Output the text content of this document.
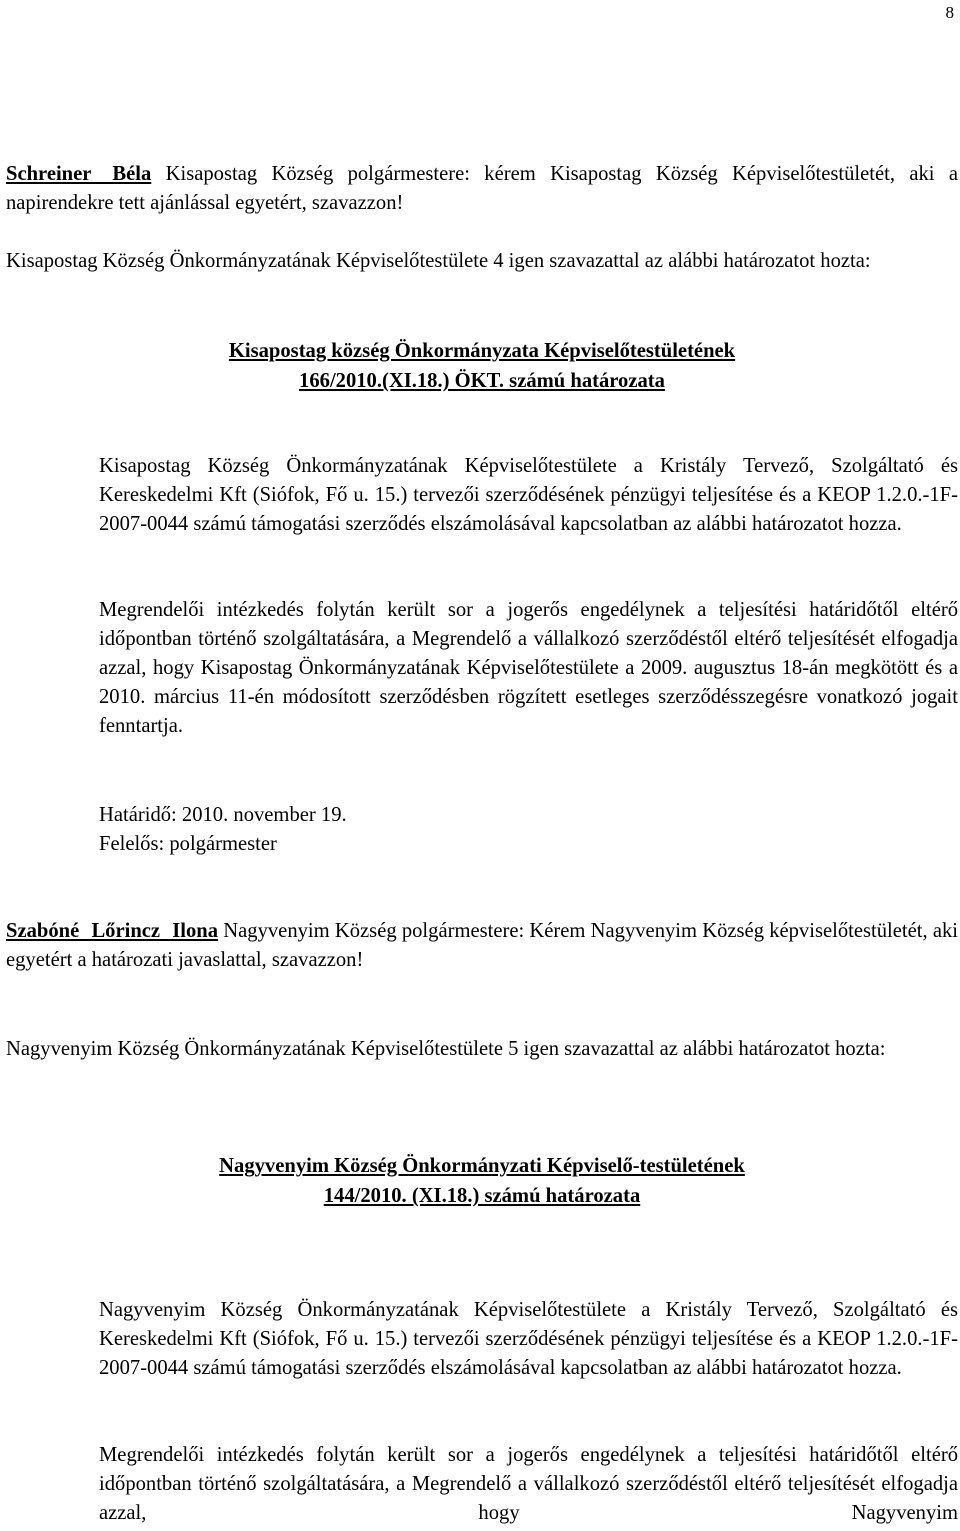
8

Schreiner Béla Kisapostag Község polgármestere: kérem Kisapostag Község Képviselőtestületét, aki a napirendekre tett ajánlással egyetért, szavazzon!

Kisapostag Község Önkormányzatának Képviselőtestülete 4 igen szavazattal az alábbi határozatot hozta:

Kisapostag község Önkormányzata Képviselőtestületének
166/2010.(XI.18.) ÖKT. számú határozata

Kisapostag Község Önkormányzatának Képviselőtestülete a Kristály Tervező, Szolgáltató és Kereskedelmi Kft (Siófok, Fő u. 15.) tervezői szerződésének pénzügyi teljesítése és a KEOP 1.2.0.-1F-2007-0044 számú támogatási szerződés elszámolásával kapcsolatban az alábbi határozatot hozza.

Megrendelői intézkedés folytán került sor a jogerős engedélynek a teljesítési határidőtől eltérő időpontban történő szolgáltatására, a Megrendelő a vállalkozó szerződéstől eltérő teljesítését elfogadja azzal, hogy Kisapostag Önkormányzatának Képviselőtestülete a 2009. augusztus 18-án megkötött és a 2010. március 11-én módosított szerződésben rögzített esetleges szerződésszegésre vonatkozó jogait fenntartja.

Határidő: 2010. november 19.

Felelős: polgármester

Szabóné Lőrincz Ilona Nagyvenyim Község polgármestere: Kérem Nagyvenyim Község képviselőtestületét, aki egyetért a határozati javaslattal, szavazzon!

Nagyvenyim Község Önkormányzatának Képviselőtestülete 5 igen szavazattal az alábbi határozatot hozta:

Nagyvenyim Község Önkormányzati Képviselő-testületének
144/2010. (XI.18.) számú határozata

Nagyvenyim Község Önkormányzatának Képviselőtestülete a Kristály Tervező, Szolgáltató és Kereskedelmi Kft (Siófok, Fő u. 15.) tervezői szerződésének pénzügyi teljesítése és a KEOP 1.2.0.-1F-2007-0044 számú támogatási szerződés elszámolásával kapcsolatban az alábbi határozatot hozza.

Megrendelői intézkedés folytán került sor a jogerős engedélynek a teljesítési határidőtől eltérő időpontban történő szolgáltatására, a Megrendelő a vállalkozó szerződéstől eltérő teljesítését elfogadja azzal, hogy Nagyvenyim
